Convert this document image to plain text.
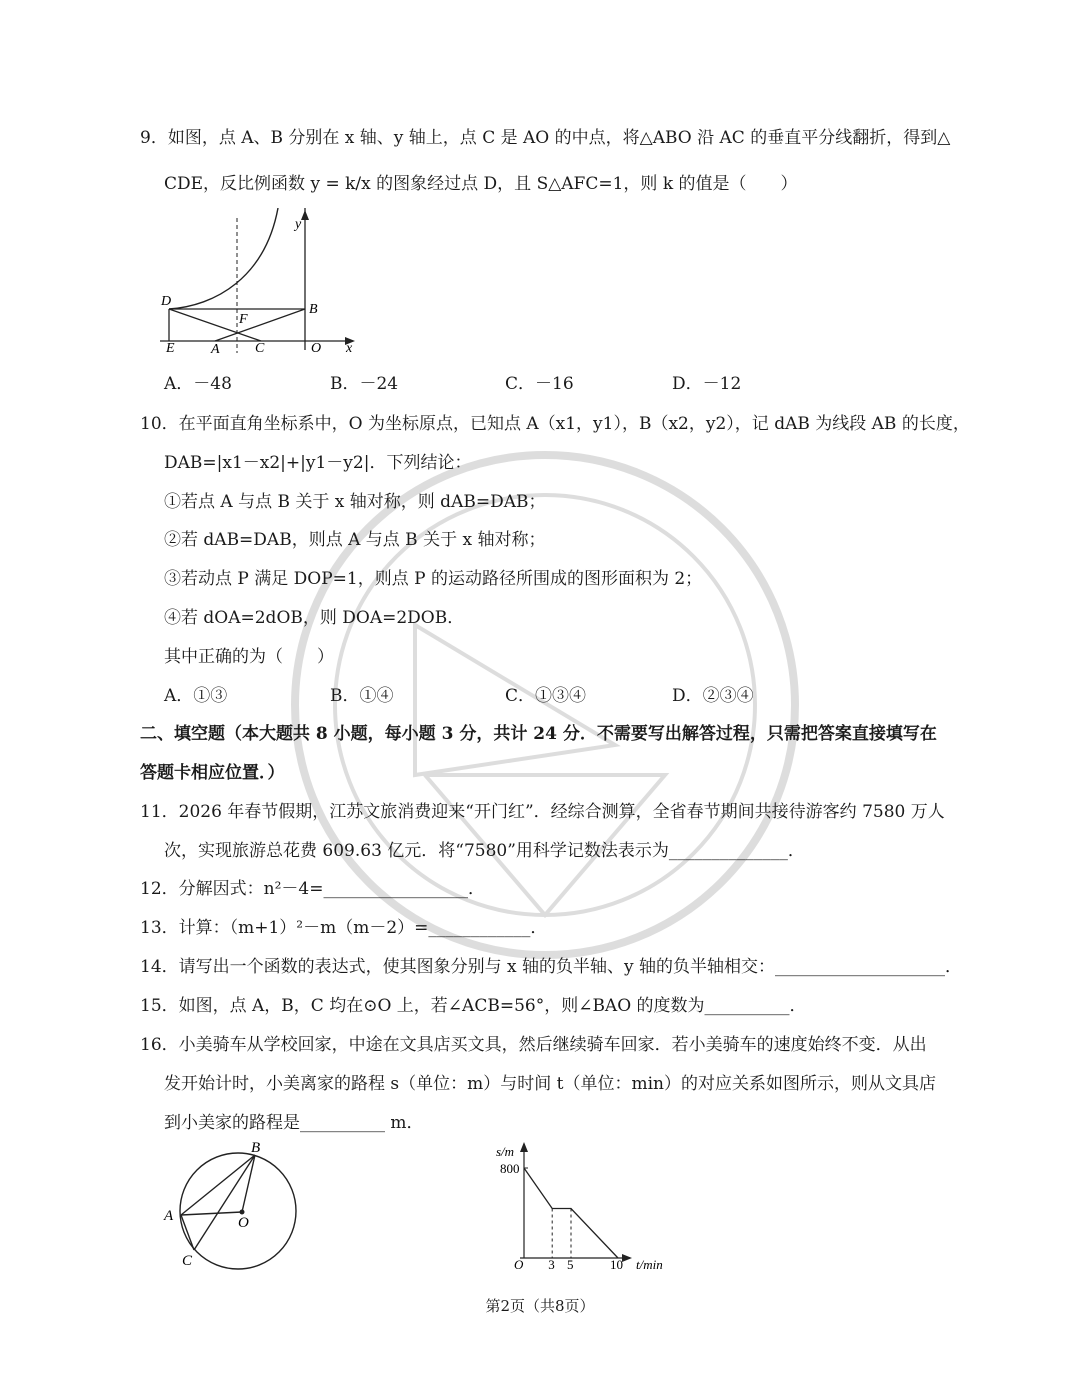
9．如图，点 A、B 分别在 x 轴、y 轴上，点 C 是 AO 的中点，将△ABO 沿 AC 的垂直平分线翻折，得到△
CDE，反比例函数 y = k/x 的图象经过点 D，且 S△AFC=1，则 k 的值是（　　）
D
B
F
E	A	C	O x
y
A．－48	B．－24	C．－16	D．－12
10．在平面直角坐标系中，O 为坐标原点，已知点 A（x1，y1），B（x2，y2），记 dAB 为线段 AB 的长度，
DAB=|x1－x2|+|y1－y2|．下列结论：
①若点 A 与点 B 关于 x 轴对称，则 dAB=DAB；
②若 dAB=DAB，则点 A 与点 B 关于 x 轴对称；
③若动点 P 满足 DOP=1，则点 P 的运动路径所围成的图形面积为 2；
④若 dOA=2dOB，则 DOA=2DOB．
其中正确的为（　　）
A．①③	B．①④	C．①③④	D．②③④
二、填空题（本大题共 8 小题，每小题 3 分，共计 24 分．不需要写出解答过程，只需把答案直接填写在
答题卡相应位置．）
11．2026 年春节假期，江苏文旅消费迎来“开门红”．经综合测算，全省春节期间共接待游客约 7580 万人
次，实现旅游总花费 609.63 亿元．将“7580”用科学记数法表示为______________．
12．分解因式：n²－4=_________________．
13．计算：（m+1）²－m（m－2）=____________．
14．请写出一个函数的表达式，使其图象分别与 x 轴的负半轴、y 轴的负半轴相交：____________________．
15．如图，点 A，B，C 均在⊙O 上，若∠ACB=56°，则∠BAO 的度数为__________．
16．小美骑车从学校回家，中途在文具店买文具，然后继续骑车回家．若小美骑车的速度始终不变．从出
发开始计时，小美离家的路程 s（单位：m）与时间 t（单位：min）的对应关系如图所示，则从文具店
到小美家的路程是__________ m．
B
A	O
C
s/m
800
O 3 5	10 t/min
第2页（共8页）
